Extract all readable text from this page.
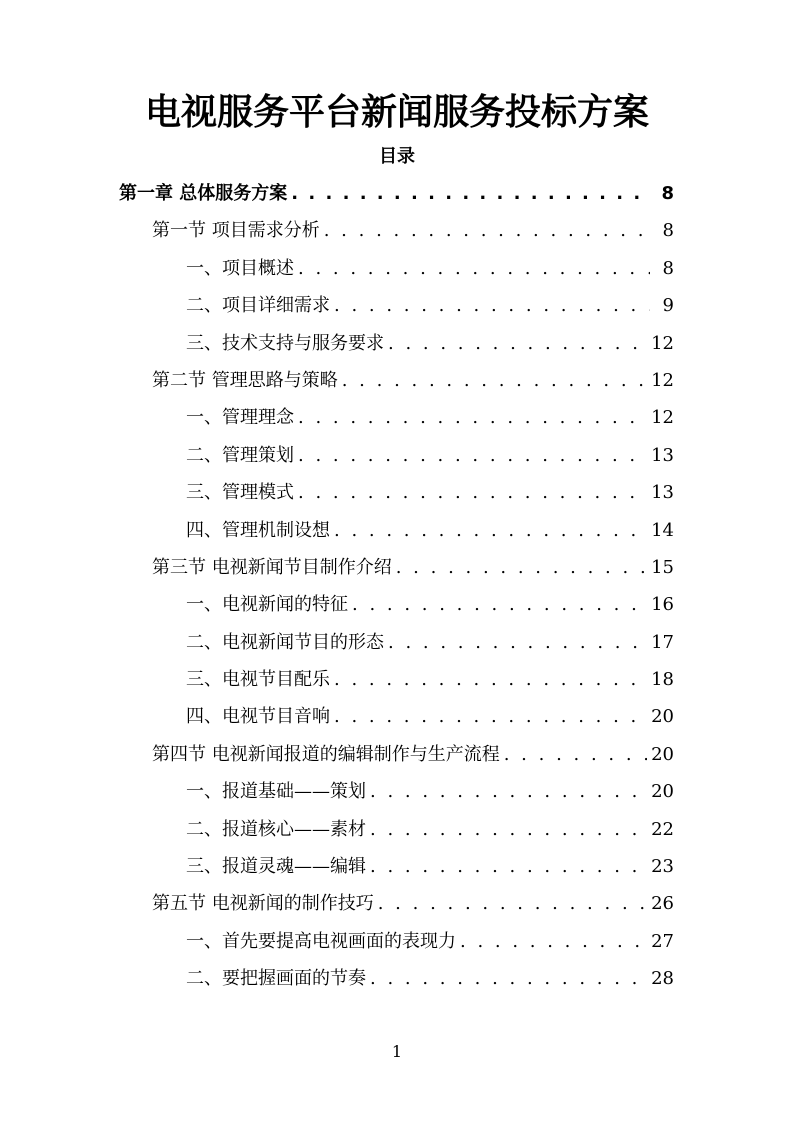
电视服务平台新闻服务投标方案
目录
第一章 总体服务方案 . . .	8
第一节 项目需求分析 . . .	8
一、项目概述 . . .	8
二、项目详细需求 . . .	9
三、技术支持与服务要求 . . .	12
第二节 管理思路与策略 . . .	12
一、管理理念 . . .	12
二、管理策划 . . .	13
三、管理模式 . . .	13
四、管理机制设想 . . .	14
第三节 电视新闻节目制作介绍 . . .	15
一、电视新闻的特征 . . .	16
二、电视新闻节目的形态 . . .	17
三、电视节目配乐 . . .	18
四、电视节目音响 . . .	20
第四节 电视新闻报道的编辑制作与生产流程 . . .	20
一、报道基础——策划 . . .	20
二、报道核心——素材 . . .	22
三、报道灵魂——编辑 . . .	23
第五节 电视新闻的制作技巧 . . .	26
一、首先要提高电视画面的表现力 . . .	27
二、要把握画面的节奏 . . .	28
1
